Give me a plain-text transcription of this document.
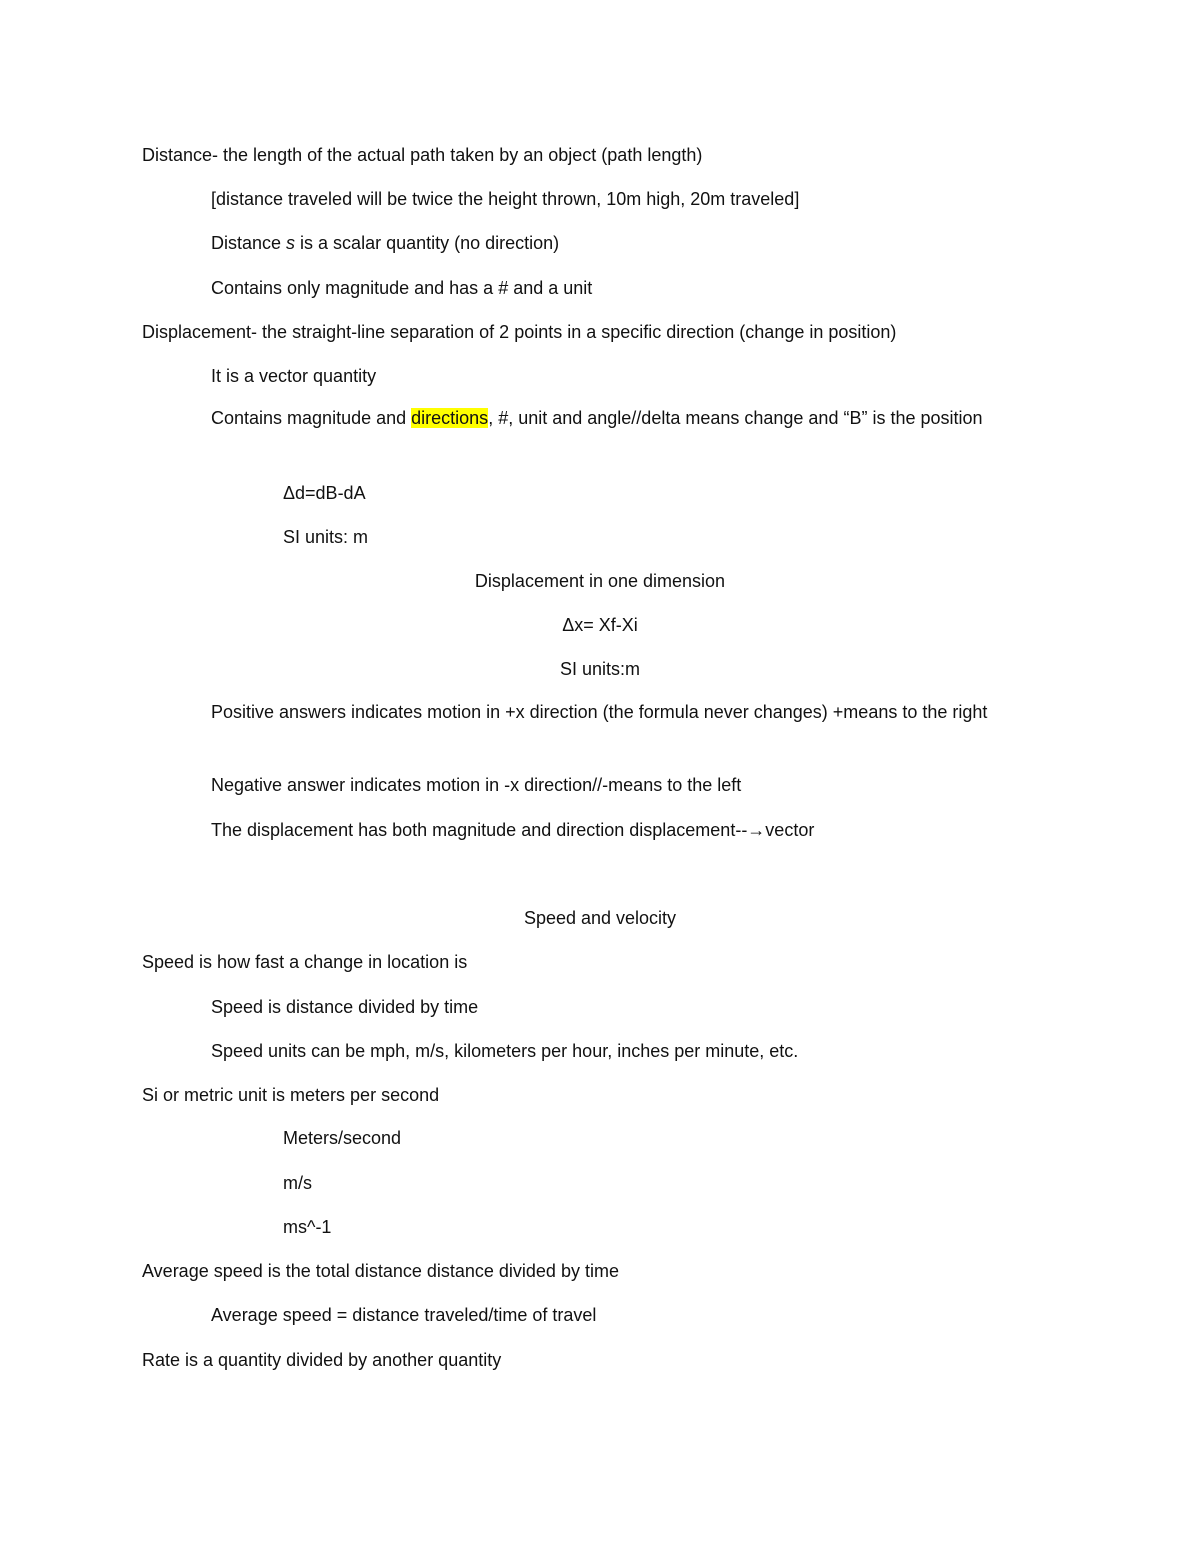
Distance- the length of the actual path taken by an object (path length)
[distance traveled will be twice the height thrown, 10m high, 20m traveled]
Distance s is a scalar quantity (no direction)
Contains only magnitude and has a # and a unit
Displacement- the straight-line separation of 2 points in a specific direction (change in position)
It is a vector quantity
Contains magnitude and directions, #, unit and angle//delta means change and “B” is the position
Δd=dB-dA
SI units: m
Displacement in one dimension
Δx= Xf-Xi
SI units:m
Positive answers indicates motion in +x direction (the formula never changes) +means to the right
Negative answer indicates motion in -x direction//-means to the left
The displacement has both magnitude and direction displacement--→vector
Speed and velocity
Speed is how fast a change in location is
Speed is distance divided by time
Speed units can be mph, m/s, kilometers per hour, inches per minute, etc.
Si or metric unit is meters per second
Meters/second
m/s
ms^-1
Average speed is the total distance distance divided by time
Average speed = distance traveled/time of travel
Rate is a quantity divided by another quantity
